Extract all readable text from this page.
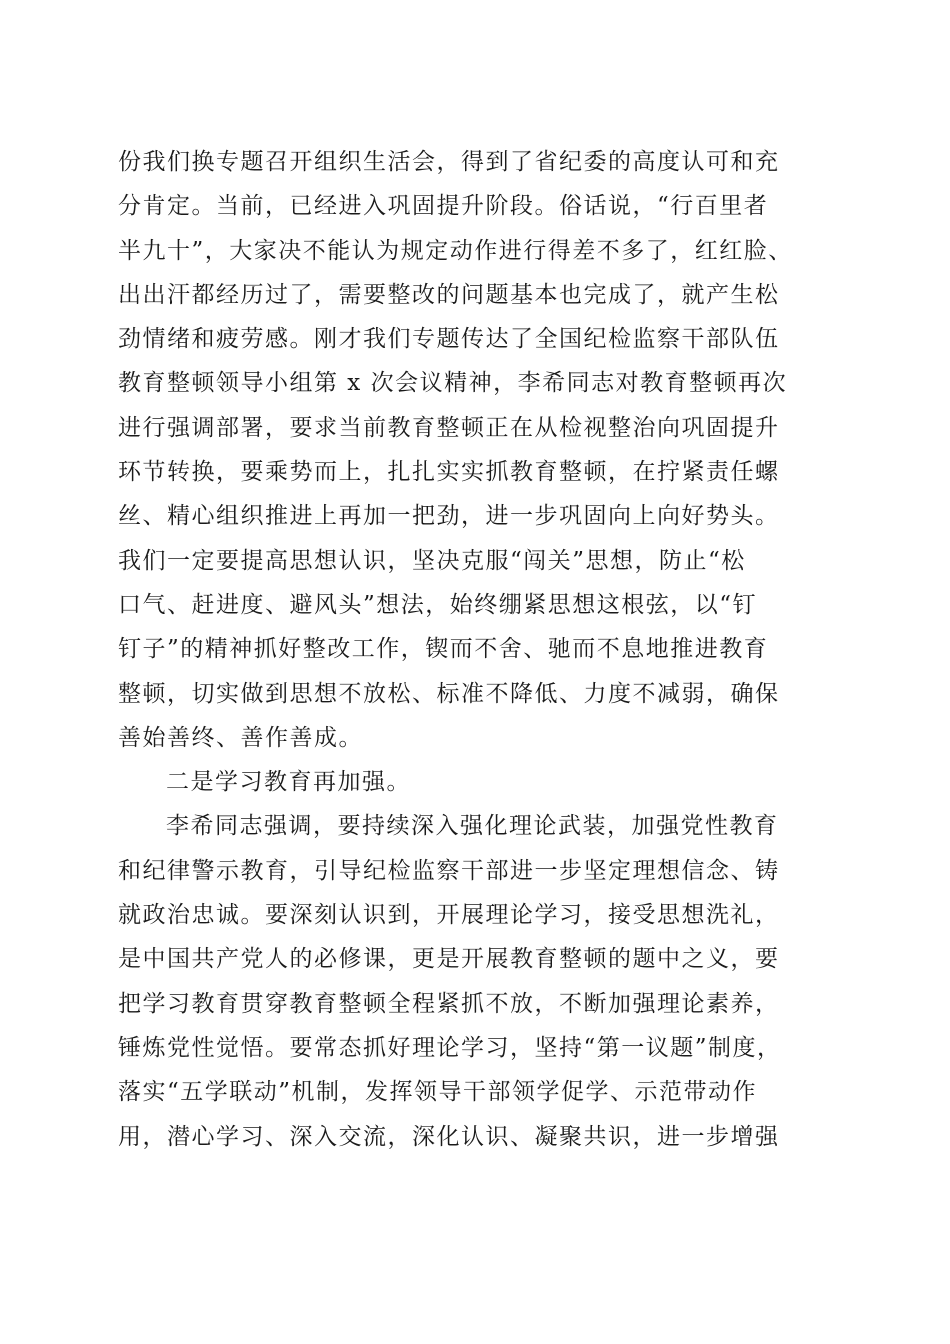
份我们换专题召开组织生活会，得到了省纪委的高度认可和充
分肯定。当前，已经进入巩固提升阶段。俗话说，“行百里者
半九十”，大家决不能认为规定动作进行得差不多了，红红脸、
出出汗都经历过了，需要整改的问题基本也完成了，就产生松
劲情绪和疲劳感。刚才我们专题传达了全国纪检监察干部队伍
教育整顿领导小组第 x 次会议精神，李希同志对教育整顿再次
进行强调部署，要求当前教育整顿正在从检视整治向巩固提升
环节转换，要乘势而上，扎扎实实抓教育整顿，在拧紧责任螺
丝、精心组织推进上再加一把劲，进一步巩固向上向好势头。
我们一定要提高思想认识，坚决克服“闯关”思想，防止“松
口气、赶进度、避风头”想法，始终绷紧思想这根弦，以“钉
钉子”的精神抓好整改工作，锲而不舍、驰而不息地推进教育
整顿，切实做到思想不放松、标准不降低、力度不减弱，确保
善始善终、善作善成。
二是学习教育再加强。
李希同志强调，要持续深入强化理论武装，加强党性教育
和纪律警示教育，引导纪检监察干部进一步坚定理想信念、铸
就政治忠诚。要深刻认识到，开展理论学习，接受思想洗礼，
是中国共产党人的必修课，更是开展教育整顿的题中之义，要
把学习教育贯穿教育整顿全程紧抓不放，不断加强理论素养，
锤炼党性觉悟。要常态抓好理论学习，坚持“第一议题”制度，
落实“五学联动”机制，发挥领导干部领学促学、示范带动作
用，潜心学习、深入交流，深化认识、凝聚共识，进一步增强
